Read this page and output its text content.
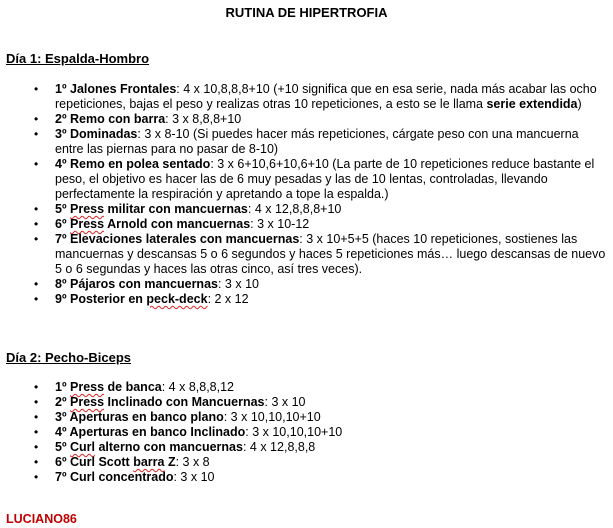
RUTINA DE HIPERTROFIA
Día 1: Espalda-Hombro
• 1º Jalones Frontales: 4 x 10,8,8,8+10 (+10 significa que en esa serie, nada más acabar las ocho repeticiones, bajas el peso y realizas otras 10 repeticiones, a esto se le llama serie extendida)
• 2º Remo con barra: 3 x 8,8,8+10
• 3º Dominadas: 3 x 8-10 (Si puedes hacer más repeticiones, cárgate peso con una mancuerna entre las piernas para no pasar de 8-10)
• 4º Remo en polea sentado: 3 x 6+10,6+10,6+10 (La parte de 10 repeticiones reduce bastante el peso, el objetivo es hacer las de 6 muy pesadas y las de 10 lentas, controladas, llevando perfectamente la respiración y apretando a tope la espalda.)
• 5º Press militar con mancuernas: 4 x 12,8,8,8+10
• 6º Press Arnold con mancuernas: 3 x 10-12
• 7º Elevaciones laterales con mancuernas: 3 x 10+5+5 (haces 10 repeticiones, sostienes las mancuernas y descansas 5 o 6 segundos y haces 5 repeticiones más… luego descansas de nuevo 5 o 6 segundas y haces las otras cinco, así tres veces).
• 8º Pájaros con mancuernas: 3 x 10
• 9º Posterior en peck-deck: 2 x 12
Día 2: Pecho-Biceps
• 1º Press de banca: 4 x 8,8,8,12
• 2º Press Inclinado con Mancuernas: 3 x 10
• 3º Aperturas en banco plano: 3 x 10,10,10+10
• 4º Aperturas en banco Inclinado: 3 x 10,10,10+10
• 5º Curl alterno con mancuernas: 4 x 12,8,8,8
• 6º Curl Scott barra Z: 3 x 8
• 7º Curl concentrado: 3 x 10
LUCIANO86
